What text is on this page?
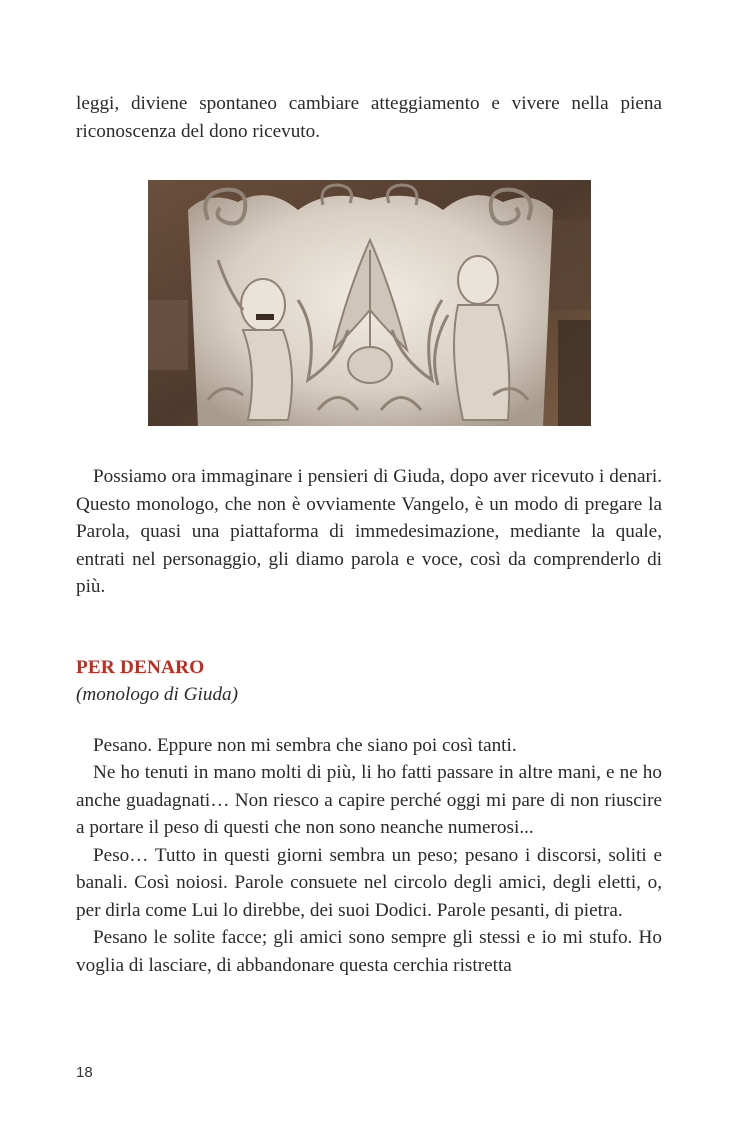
leggi, diviene spontaneo cambiare atteggiamento e vivere nella piena riconoscenza del dono ricevuto.

Possiamo ora immaginare i pensieri di Giuda, dopo aver ricevuto i denari. Questo monologo, che non è ovviamente Vangelo, è un modo di pregare la Parola, quasi una piattaforma di immedesimazione, mediante la quale, entrati nel personaggio, gli diamo parola e voce, così da comprenderlo di più.

PER DENARO
(monologo di Giuda)

Pesano. Eppure non mi sembra che siano poi così tanti.

Ne ho tenuti in mano molti di più, li ho fatti passare in altre mani, e ne ho anche guadagnati… Non riesco a capire perché oggi mi pare di non riuscire a portare il peso di questi che non sono neanche numerosi...

Peso… Tutto in questi giorni sembra un peso; pesano i discorsi, soliti e banali. Così noiosi. Parole consuete nel circolo degli amici, degli eletti, o, per dirla come Lui lo direbbe, dei suoi Dodici. Parole pesanti, di pietra.

Pesano le solite facce; gli amici sono sempre gli stessi e io mi stufo. Ho voglia di lasciare, di abbandonare questa cerchia ristretta

18
